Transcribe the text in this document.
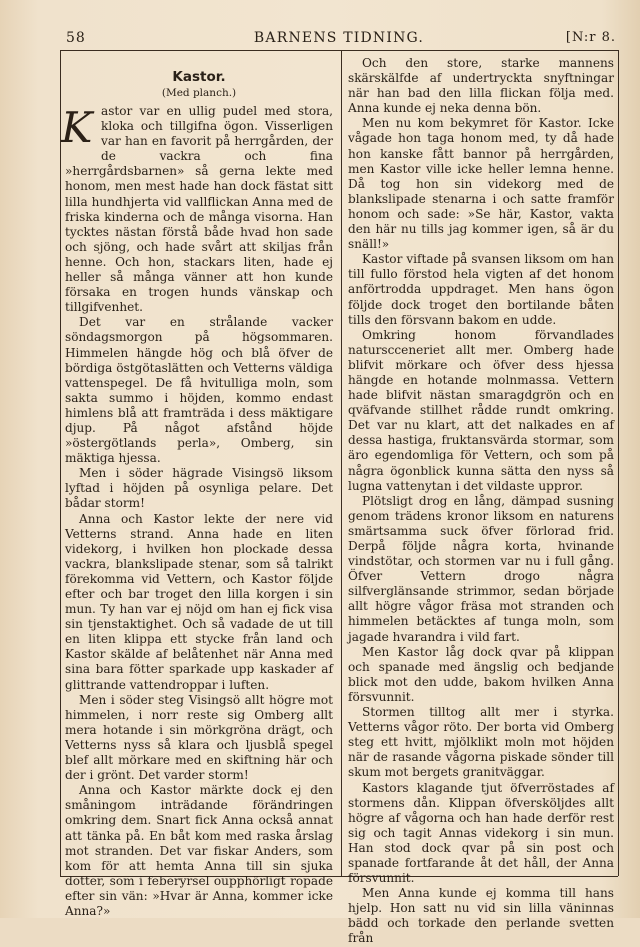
58	BARNENS TIDNING.	[N:r 8.
Kastor.
(Med planch.)
K astor var en ullig pudel med stora, kloka och tillgifna ögon. Visserligen var han en favorit på herrgården, der de vackra och fina »herrgårdsbarnen» så gerna lekte med honom, men mest hade han dock fästat sitt lilla hundhjerta vid vallflickan Anna med de friska kinderna och de många visorna. Han tycktes nästan förstå både hvad hon sade och sjöng, och hade svårt att skiljas från henne. Och hon, stackars liten, hade ej heller så många vänner att hon kunde försaka en trogen hunds vänskap och tillgifvenhet.

Det var en strålande vacker söndagsmorgon på högsommaren. Himmelen hängde hög och blå öfver de bördiga östgötaslätten och Vetterns väldiga vattenspegel. De få hvitulliga moln, som sakta summo i höjden, kommo endast himlens blå att framträda i dess mäktigare djup. På något afstånd höjde »östergötlands perla», Omberg, sin mäktiga hjessa.

Men i söder hägrade Visingsö liksom lyftad i höjden på osynliga pelare. Det bådar storm!

Anna och Kastor lekte der nere vid Vetterns strand. Anna hade en liten videkorg, i hvilken hon plockade dessa vackra, blankslipade stenar, som så talrikt förekomma vid Vettern, och Kastor följde efter och bar troget den lilla korgen i sin mun. Ty han var ej nöjd om han ej fick visa sin tjenstaktighet. Och så vadade de ut till en liten klippa ett stycke från land och Kastor skälde af belåtenhet när Anna med sina bara fötter sparkade upp kaskader af glittrande vattendroppar i luften.

Men i söder steg Visingsö allt högre mot himmelen, i norr reste sig Omberg allt mera hotande i sin mörkgröna drägt, och Vetterns nyss så klara och ljusblå spegel blef allt mörkare med en skiftning här och der i grönt. Det varder storm!

Anna och Kastor märkte dock ej den småningom inträdande förändringen omkring dem. Snart fick Anna också annat att tänka på. En båt kom med raska årslag mot stranden. Det var fiskar Anders, som kom för att hemta Anna till sin sjuka dotter, som i feberyrsel oupphörligt ropade efter sin vän: »Hvar är Anna, kommer icke Anna?»

Och den store, starke mannens skärskälfde af undertryckta snyftningar när han bad den lilla flickan följa med. Anna kunde ej neka denna bön.

Men nu kom bekymret för Kastor. Icke vågade hon taga honom med, ty då hade hon kanske fått bannor på herrgården, men Kastor ville icke heller lemna henne. Då tog hon sin videkorg med de blankslipade stenarna i och satte framför honom och sade: »Se här, Kastor, vakta den här nu tills jag kommer igen, så är du snäll!»

Kastor viftade på svansen liksom om han till fullo förstod hela vigten af det honom anförtrodda uppdraget. Men hans ögon följde dock troget den bortilande båten tills den försvann bakom en udde.

Omkring honom förvandlades naturscceneriet allt mer. Omberg hade blifvit mörkare och öfver dess hjessa hängde en hotande molnmassa. Vettern hade blifvit nästan smaragdgrön och en qväfvande stillhet rådde rundt omkring. Det var nu klart, att det nalkades en af dessa hastiga, fruktansvärda stormar, som äro egendomliga för Vettern, och som på några ögonblick kunna sätta den nyss så lugna vattenytan i det vildaste uppror.

Plötsligt drog en lång, dämpad susning genom trädens kronor liksom en naturens smärtsamma suck öfver förlorad frid. Derpå följde några korta, hvinande vindstötar, och stormen var nu i full gång. Öfver Vettern drogo några silfverglänsande strimmor, sedan började allt högre vågor fräsa mot stranden och himmelen betäcktes af tunga moln, som jagade hvarandra i vild fart.

Men Kastor låg dock qvar på klippan och spanade med ängslig och bedjande blick mot den udde, bakom hvilken Anna försvunnit.

Stormen tilltog allt mer i styrka. Vetterns vågor röto. Der borta vid Omberg steg ett hvitt, mjölklikt moln mot höjden när de rasande vågorna piskade sönder till skum mot bergets granitväggar.

Kastors klagande tjut öfverröstades af stormens dån. Klippan öfversköljdes allt högre af vågorna och han hade derför rest sig och tagit Annas videkorg i sin mun. Han stod dock qvar på sin post och spanade fortfarande åt det håll, der Anna försvunnit.

Men Anna kunde ej komma till hans hjelp. Hon satt nu vid sin lilla väninnas bädd och torkade den perlande svetten från
